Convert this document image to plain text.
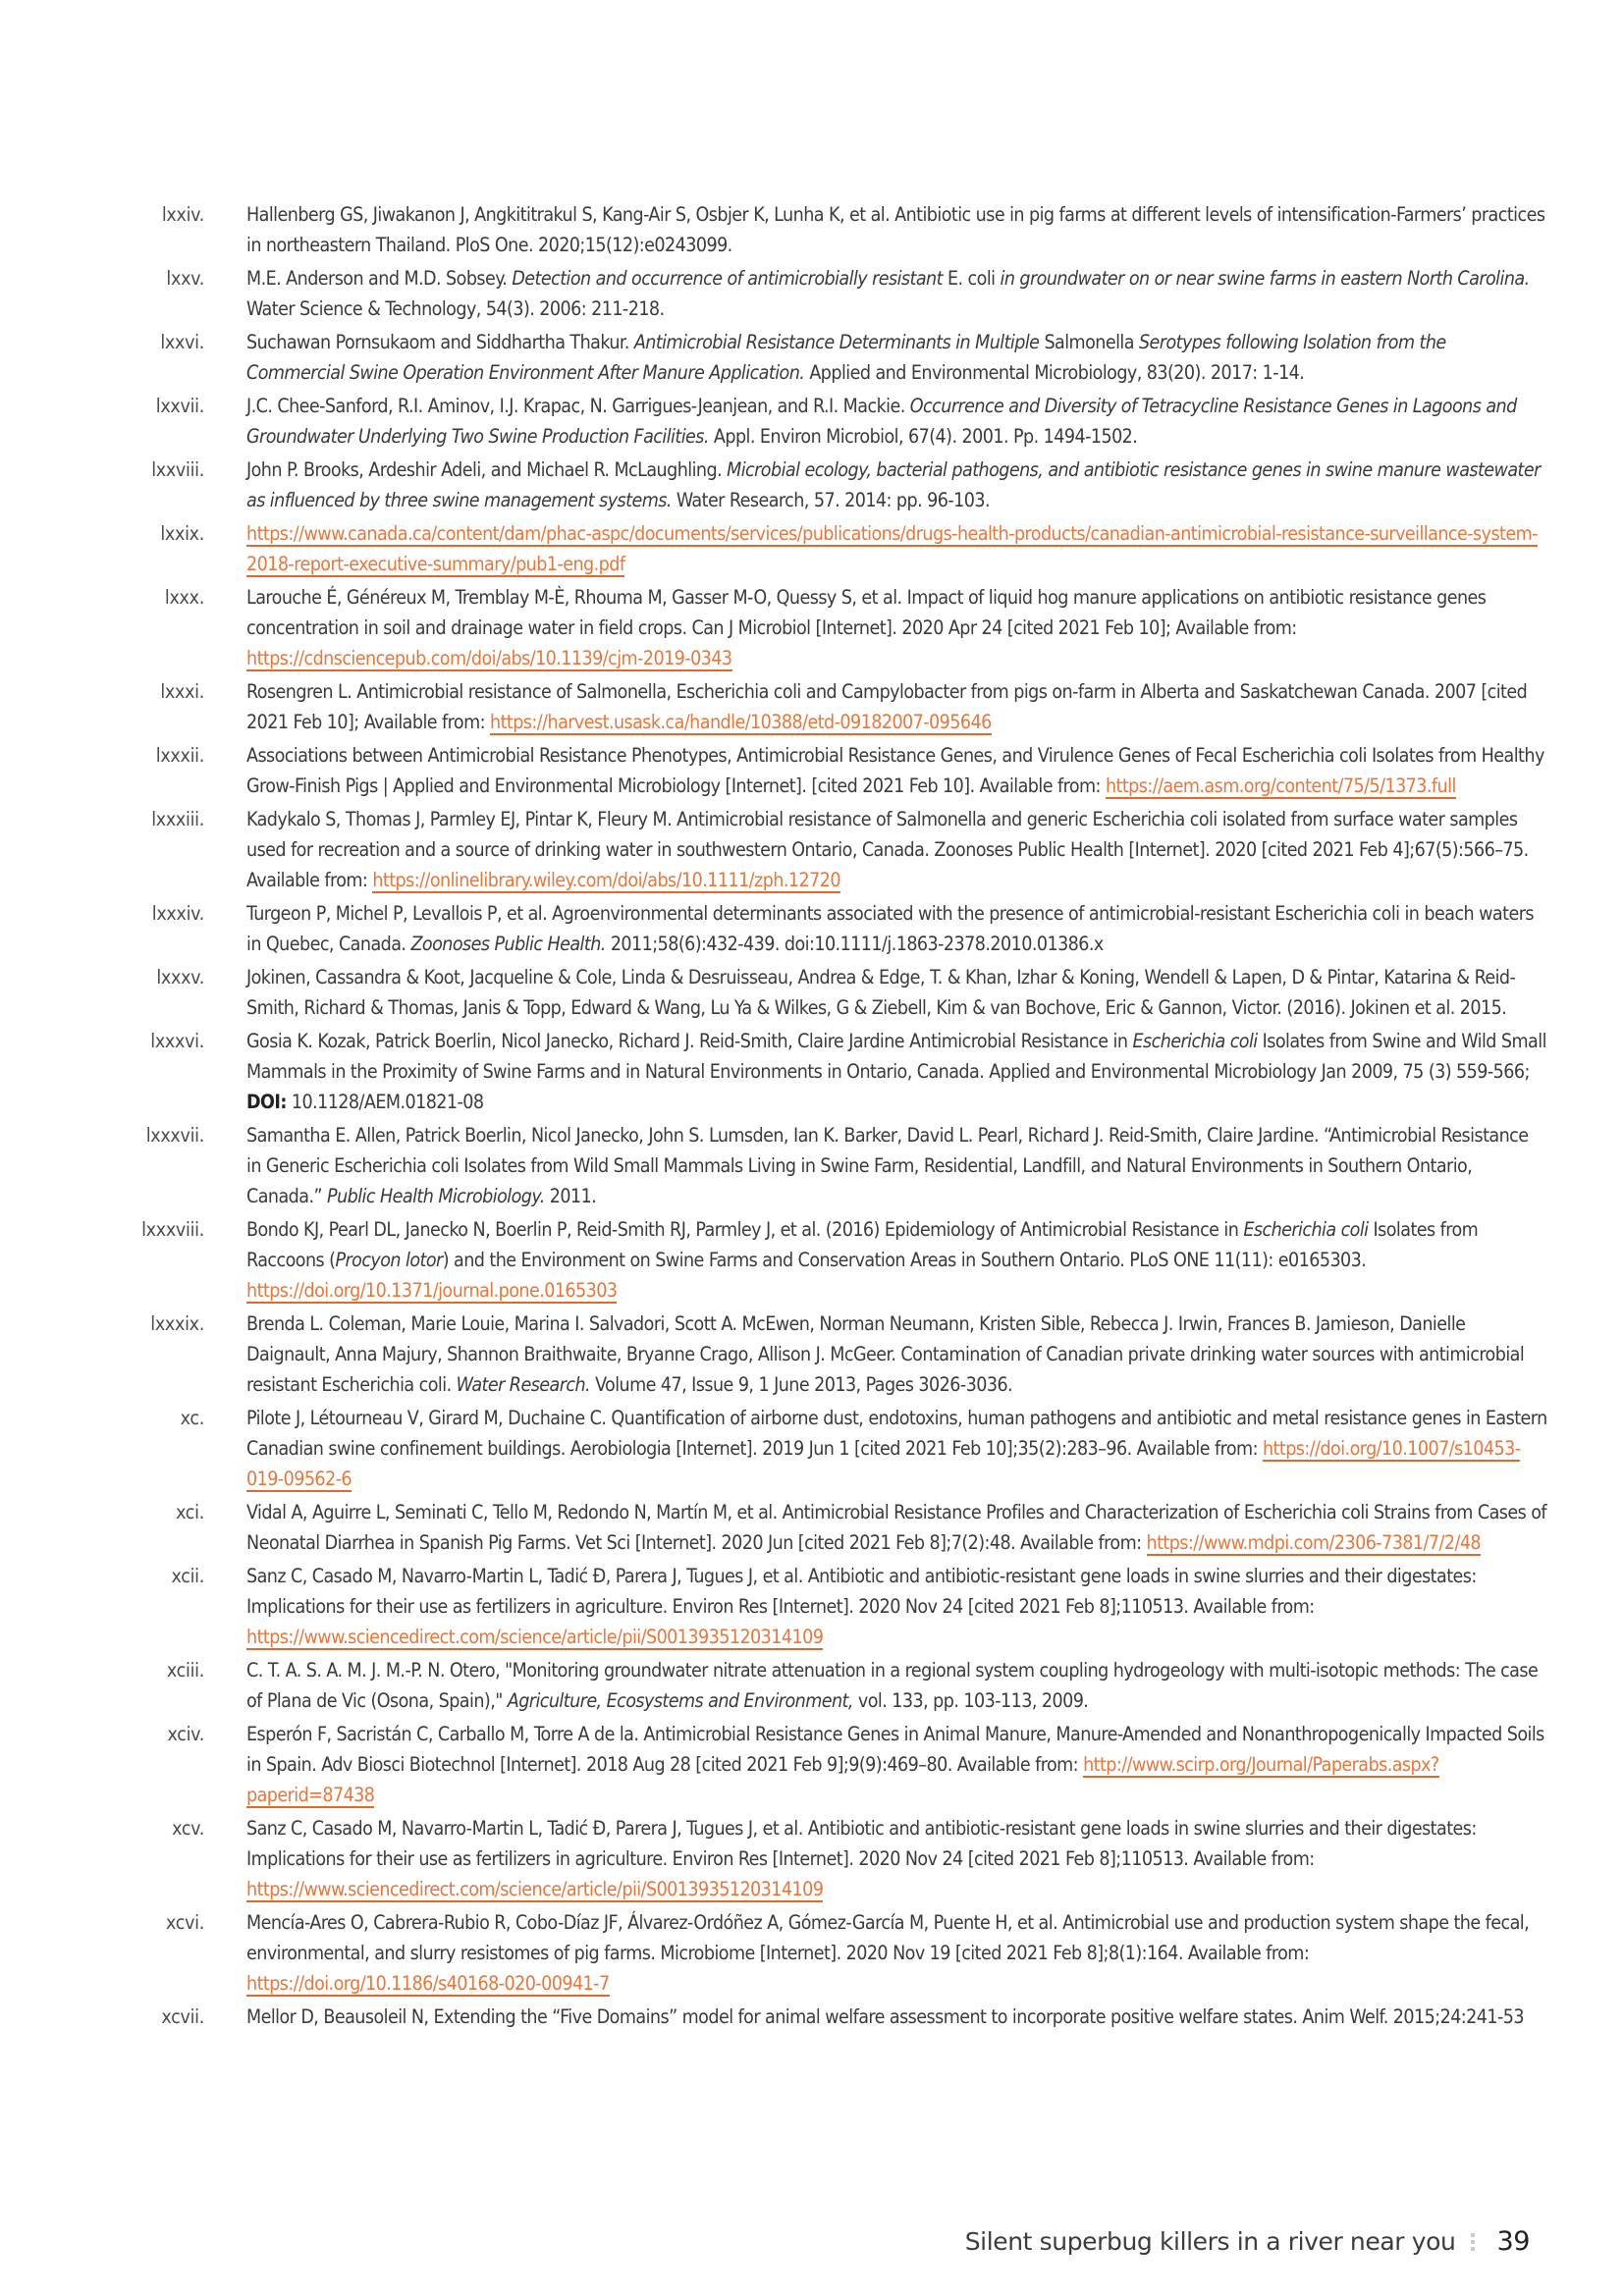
lxxiv. Hallenberg GS, Jiwakanon J, Angkititrakul S, Kang-Air S, Osbjer K, Lunha K, et al. Antibiotic use in pig farms at different levels of intensification-Farmers’ practices in northeastern Thailand. PloS One. 2020;15(12):e0243099.
lxxv. M.E. Anderson and M.D. Sobsey. Detection and occurrence of antimicrobially resistant E. coli in groundwater on or near swine farms in eastern North Carolina. Water Science & Technology, 54(3). 2006: 211-218.
lxxvi. Suchawan Pornsukaom and Siddhartha Thakur. Antimicrobial Resistance Determinants in Multiple Salmonella Serotypes following Isolation from the Commercial Swine Operation Environment After Manure Application. Applied and Environmental Microbiology, 83(20). 2017: 1-14.
lxxvii. J.C. Chee-Sanford, R.I. Aminov, I.J. Krapac, N. Garrigues-Jeanjean, and R.I. Mackie. Occurrence and Diversity of Tetracycline Resistance Genes in Lagoons and Groundwater Underlying Two Swine Production Facilities. Appl. Environ Microbiol, 67(4). 2001. Pp. 1494-1502.
lxxviii. John P. Brooks, Ardeshir Adeli, and Michael R. McLaughling. Microbial ecology, bacterial pathogens, and antibiotic resistance genes in swine manure wastewater as influenced by three swine management systems. Water Research, 57. 2014: pp. 96-103.
lxxix. https://www.canada.ca/content/dam/phac-aspc/documents/services/publications/drugs-health-products/canadian-antimicrobial-resistance-surveillance-system-2018-report-executive-summary/pub1-eng.pdf
lxxx. Larouche É, Généreux M, Tremblay M-È, Rhouma M, Gasser M-O, Quessy S, et al. Impact of liquid hog manure applications on antibiotic resistance genes concentration in soil and drainage water in field crops. Can J Microbiol [Internet]. 2020 Apr 24 [cited 2021 Feb 10]; Available from: https://cdnsciencepub.com/doi/abs/10.1139/cjm-2019-0343
lxxxi. Rosengren L. Antimicrobial resistance of Salmonella, Escherichia coli and Campylobacter from pigs on-farm in Alberta and Saskatchewan Canada. 2007 [cited 2021 Feb 10]; Available from: https://harvest.usask.ca/handle/10388/etd-09182007-095646
lxxxii. Associations between Antimicrobial Resistance Phenotypes, Antimicrobial Resistance Genes, and Virulence Genes of Fecal Escherichia coli Isolates from Healthy Grow-Finish Pigs | Applied and Environmental Microbiology [Internet]. [cited 2021 Feb 10]. Available from: https://aem.asm.org/content/75/5/1373.full
lxxxiii. Kadykalo S, Thomas J, Parmley EJ, Pintar K, Fleury M. Antimicrobial resistance of Salmonella and generic Escherichia coli isolated from surface water samples used for recreation and a source of drinking water in southwestern Ontario, Canada. Zoonoses Public Health [Internet]. 2020 [cited 2021 Feb 4];67(5):566–75. Available from: https://onlinelibrary.wiley.com/doi/abs/10.1111/zph.12720
lxxxiv. Turgeon P, Michel P, Levallois P, et al. Agroenvironmental determinants associated with the presence of antimicrobial-resistant Escherichia coli in beach waters in Quebec, Canada. Zoonoses Public Health. 2011;58(6):432-439. doi:10.1111/j.1863-2378.2010.01386.x
lxxxv. Jokinen, Cassandra & Koot, Jacqueline & Cole, Linda & Desruisseau, Andrea & Edge, T. & Khan, Izhar & Koning, Wendell & Lapen, D & Pintar, Katarina & Reid-Smith, Richard & Thomas, Janis & Topp, Edward & Wang, Lu Ya & Wilkes, G & Ziebell, Kim & van Bochove, Eric & Gannon, Victor. (2016). Jokinen et al. 2015.
lxxxvi. Gosia K. Kozak, Patrick Boerlin, Nicol Janecko, Richard J. Reid-Smith, Claire Jardine Antimicrobial Resistance in Escherichia coli Isolates from Swine and Wild Small Mammals in the Proximity of Swine Farms and in Natural Environments in Ontario, Canada. Applied and Environmental Microbiology Jan 2009, 75 (3) 559-566; DOI: 10.1128/AEM.01821-08
lxxxvii. Samantha E. Allen, Patrick Boerlin, Nicol Janecko, John S. Lumsden, Ian K. Barker, David L. Pearl, Richard J. Reid-Smith, Claire Jardine. “Antimicrobial Resistance in Generic Escherichia coli Isolates from Wild Small Mammals Living in Swine Farm, Residential, Landfill, and Natural Environments in Southern Ontario, Canada.” Public Health Microbiology. 2011.
lxxxviii. Bondo KJ, Pearl DL, Janecko N, Boerlin P, Reid-Smith RJ, Parmley J, et al. (2016) Epidemiology of Antimicrobial Resistance in Escherichia coli Isolates from Raccoons (Procyon lotor) and the Environment on Swine Farms and Conservation Areas in Southern Ontario. PLoS ONE 11(11): e0165303. https://doi.org/10.1371/journal.pone.0165303
lxxxix. Brenda L. Coleman, Marie Louie, Marina I. Salvadori, Scott A. McEwen, Norman Neumann, Kristen Sible, Rebecca J. Irwin, Frances B. Jamieson, Danielle Daignault, Anna Majury, Shannon Braithwaite, Bryanne Crago, Allison J. McGeer. Contamination of Canadian private drinking water sources with antimicrobial resistant Escherichia coli. Water Research. Volume 47, Issue 9, 1 June 2013, Pages 3026-3036.
xc. Pilote J, Létourneau V, Girard M, Duchaine C. Quantification of airborne dust, endotoxins, human pathogens and antibiotic and metal resistance genes in Eastern Canadian swine confinement buildings. Aerobiologia [Internet]. 2019 Jun 1 [cited 2021 Feb 10];35(2):283–96. Available from: https://doi.org/10.1007/s10453-019-09562-6
xci. Vidal A, Aguirre L, Seminati C, Tello M, Redondo N, Martín M, et al. Antimicrobial Resistance Profiles and Characterization of Escherichia coli Strains from Cases of Neonatal Diarrhea in Spanish Pig Farms. Vet Sci [Internet]. 2020 Jun [cited 2021 Feb 8];7(2):48. Available from: https://www.mdpi.com/2306-7381/7/2/48
xcii. Sanz C, Casado M, Navarro-Martin L, Tadić Đ, Parera J, Tugues J, et al. Antibiotic and antibiotic-resistant gene loads in swine slurries and their digestates: Implications for their use as fertilizers in agriculture. Environ Res [Internet]. 2020 Nov 24 [cited 2021 Feb 8];110513. Available from: https://www.sciencedirect.com/science/article/pii/S0013935120314109
xciii. C. T. A. S. A. M. J. M.-P. N. Otero, "Monitoring groundwater nitrate attenuation in a regional system coupling hydrogeology with multi-isotopic methods: The case of Plana de Vic (Osona, Spain)," Agriculture, Ecosystems and Environment, vol. 133, pp. 103-113, 2009.
xciv. Esperón F, Sacristán C, Carballo M, Torre A de la. Antimicrobial Resistance Genes in Animal Manure, Manure-Amended and Nonanthropogenically Impacted Soils in Spain. Adv Biosci Biotechnol [Internet]. 2018 Aug 28 [cited 2021 Feb 9];9(9):469–80. Available from: http://www.scirp.org/Journal/Paperabs.aspx?paperid=87438
xcv. Sanz C, Casado M, Navarro-Martin L, Tadić Đ, Parera J, Tugues J, et al. Antibiotic and antibiotic-resistant gene loads in swine slurries and their digestates: Implications for their use as fertilizers in agriculture. Environ Res [Internet]. 2020 Nov 24 [cited 2021 Feb 8];110513. Available from: https://www.sciencedirect.com/science/article/pii/S0013935120314109
xcvi. Mencía-Ares O, Cabrera-Rubio R, Cobo-Díaz JF, Álvarez-Ordóñez A, Gómez-García M, Puente H, et al. Antimicrobial use and production system shape the fecal, environmental, and slurry resistomes of pig farms. Microbiome [Internet]. 2020 Nov 19 [cited 2021 Feb 8];8(1):164. Available from: https://doi.org/10.1186/s40168-020-00941-7
xcvii. Mellor D, Beausoleil N, Extending the “Five Domains” model for animal welfare assessment to incorporate positive welfare states. Anim Welf. 2015;24:241-53
Silent superbug killers in a river near you 39
